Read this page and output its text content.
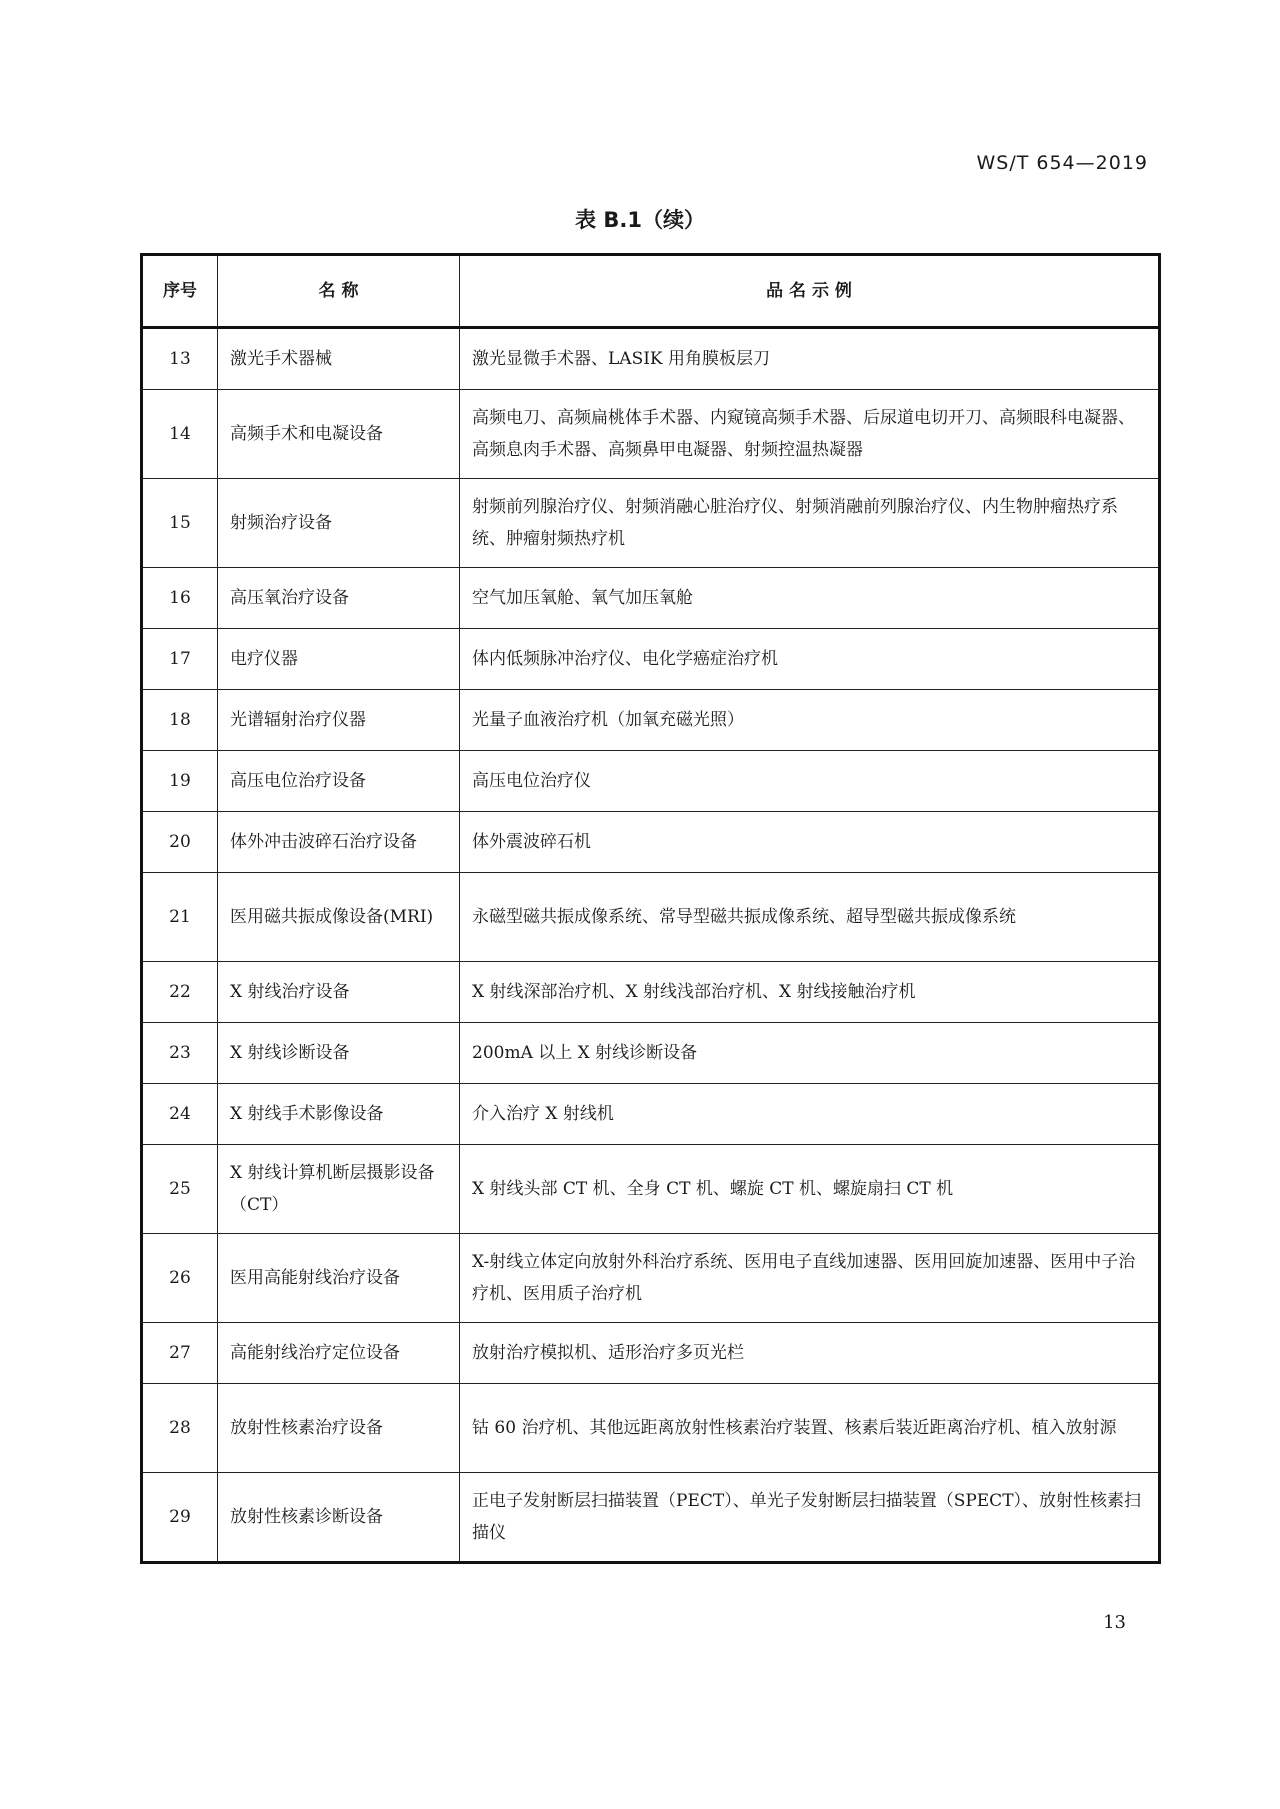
WS/T 654—2019
表 B.1（续）
序号	名 称	品 名 示 例
13	激光手术器械	激光显微手术器、LASIK 用角膜板层刀
14	高频手术和电凝设备	高频电刀、高频扁桃体手术器、内窥镜高频手术器、后尿道电切开刀、高频眼科电凝器、高频息肉手术器、高频鼻甲电凝器、射频控温热凝器
15	射频治疗设备	射频前列腺治疗仪、射频消融心脏治疗仪、射频消融前列腺治疗仪、内生物肿瘤热疗系统、肿瘤射频热疗机
16	高压氧治疗设备	空气加压氧舱、氧气加压氧舱
17	电疗仪器	体内低频脉冲治疗仪、电化学癌症治疗机
18	光谱辐射治疗仪器	光量子血液治疗机（加氧充磁光照）
19	高压电位治疗设备	高压电位治疗仪
20	体外冲击波碎石治疗设备	体外震波碎石机
21	医用磁共振成像设备(MRI)	永磁型磁共振成像系统、常导型磁共振成像系统、超导型磁共振成像系统
22	X 射线治疗设备	X 射线深部治疗机、X 射线浅部治疗机、X 射线接触治疗机
23	X 射线诊断设备	200mA 以上 X 射线诊断设备
24	X 射线手术影像设备	介入治疗 X 射线机
25	X 射线计算机断层摄影设备（CT）	X 射线头部 CT 机、全身 CT 机、螺旋 CT 机、螺旋扇扫 CT 机
26	医用高能射线治疗设备	X-射线立体定向放射外科治疗系统、医用电子直线加速器、医用回旋加速器、医用中子治疗机、医用质子治疗机
27	高能射线治疗定位设备	放射治疗模拟机、适形治疗多页光栏
28	放射性核素治疗设备	钴 60 治疗机、其他远距离放射性核素治疗装置、核素后装近距离治疗机、植入放射源
29	放射性核素诊断设备	正电子发射断层扫描装置（PECT）、单光子发射断层扫描装置（SPECT）、放射性核素扫描仪
13
